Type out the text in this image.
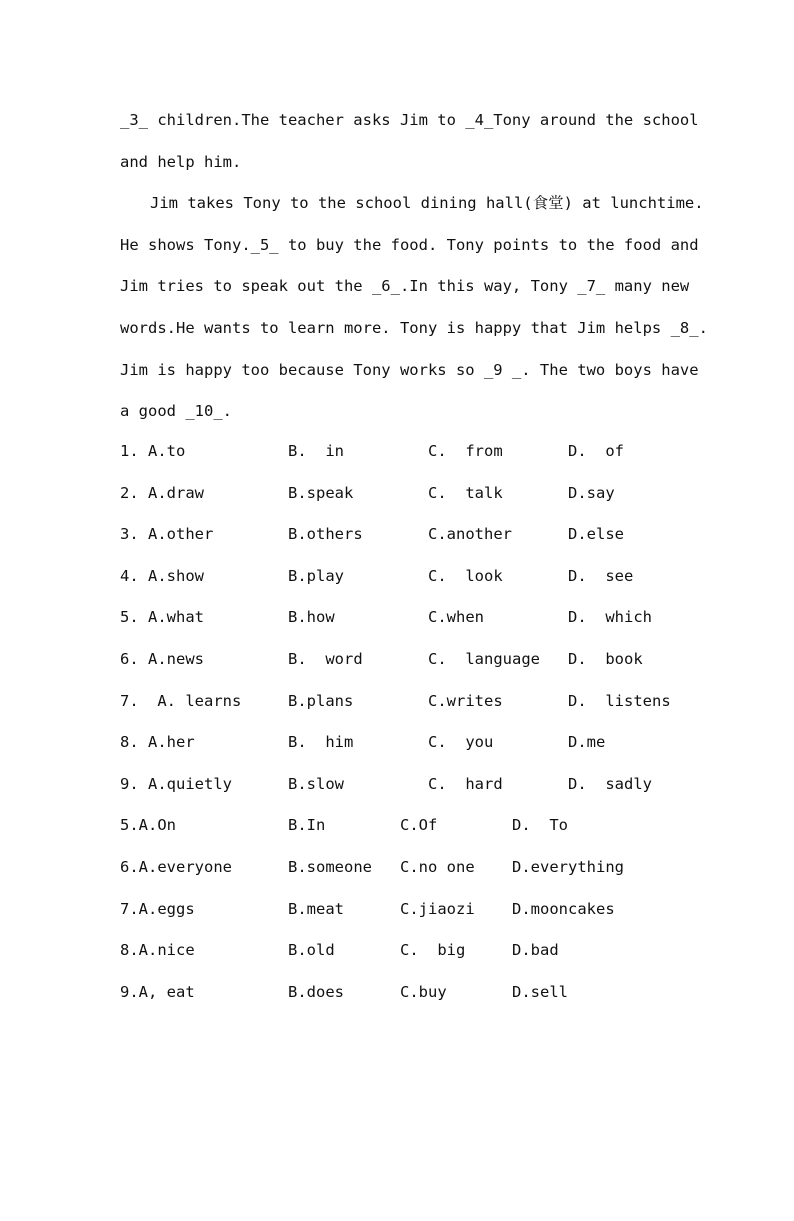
_3_ children.The teacher asks Jim to _4_Tony around the school
and help him.
Jim takes Tony to the school dining hall(食堂) at lunchtime.
He shows Tony._5_ to buy the food. Tony points to the food and
Jim tries to speak out the _6_.In this way, Tony _7_ many new
words.He wants to learn more. Tony is happy that Jim helps _8_.
Jim is happy too because Tony works so _9 _. The two boys have
a good _10_.

1. A.to

	B.  in

	C.  from

	D.  of

2. A.draw

	B.speak

	C.  talk

	D.say

3. A.other

	B.others

	C.another

	D.else

4. A.show

	B.play

	C.  look

	D.  see

5. A.what

	B.how

	C.when

	D.  which

6. A.news

	B.  word

	C.  language

D.  book

7.  A. learns

	B.plans

	C.writes

	D.  listens

8. A.her

	B.  him

	C.  you

	D.me

9. A.quietly

	B.slow

	C.  hard

	D.  sadly

5.A.On

	B.In

	C.Of

	D.  To

6.A.everyone

	B.someone

C.no one

D.everything

7.A.eggs

	B.meat

	C.jiaozi

D.mooncakes

8.A.nice

	B.old

	C.  big

	D.bad

9.A, eat

	B.does

	C.buy

	D.sell
